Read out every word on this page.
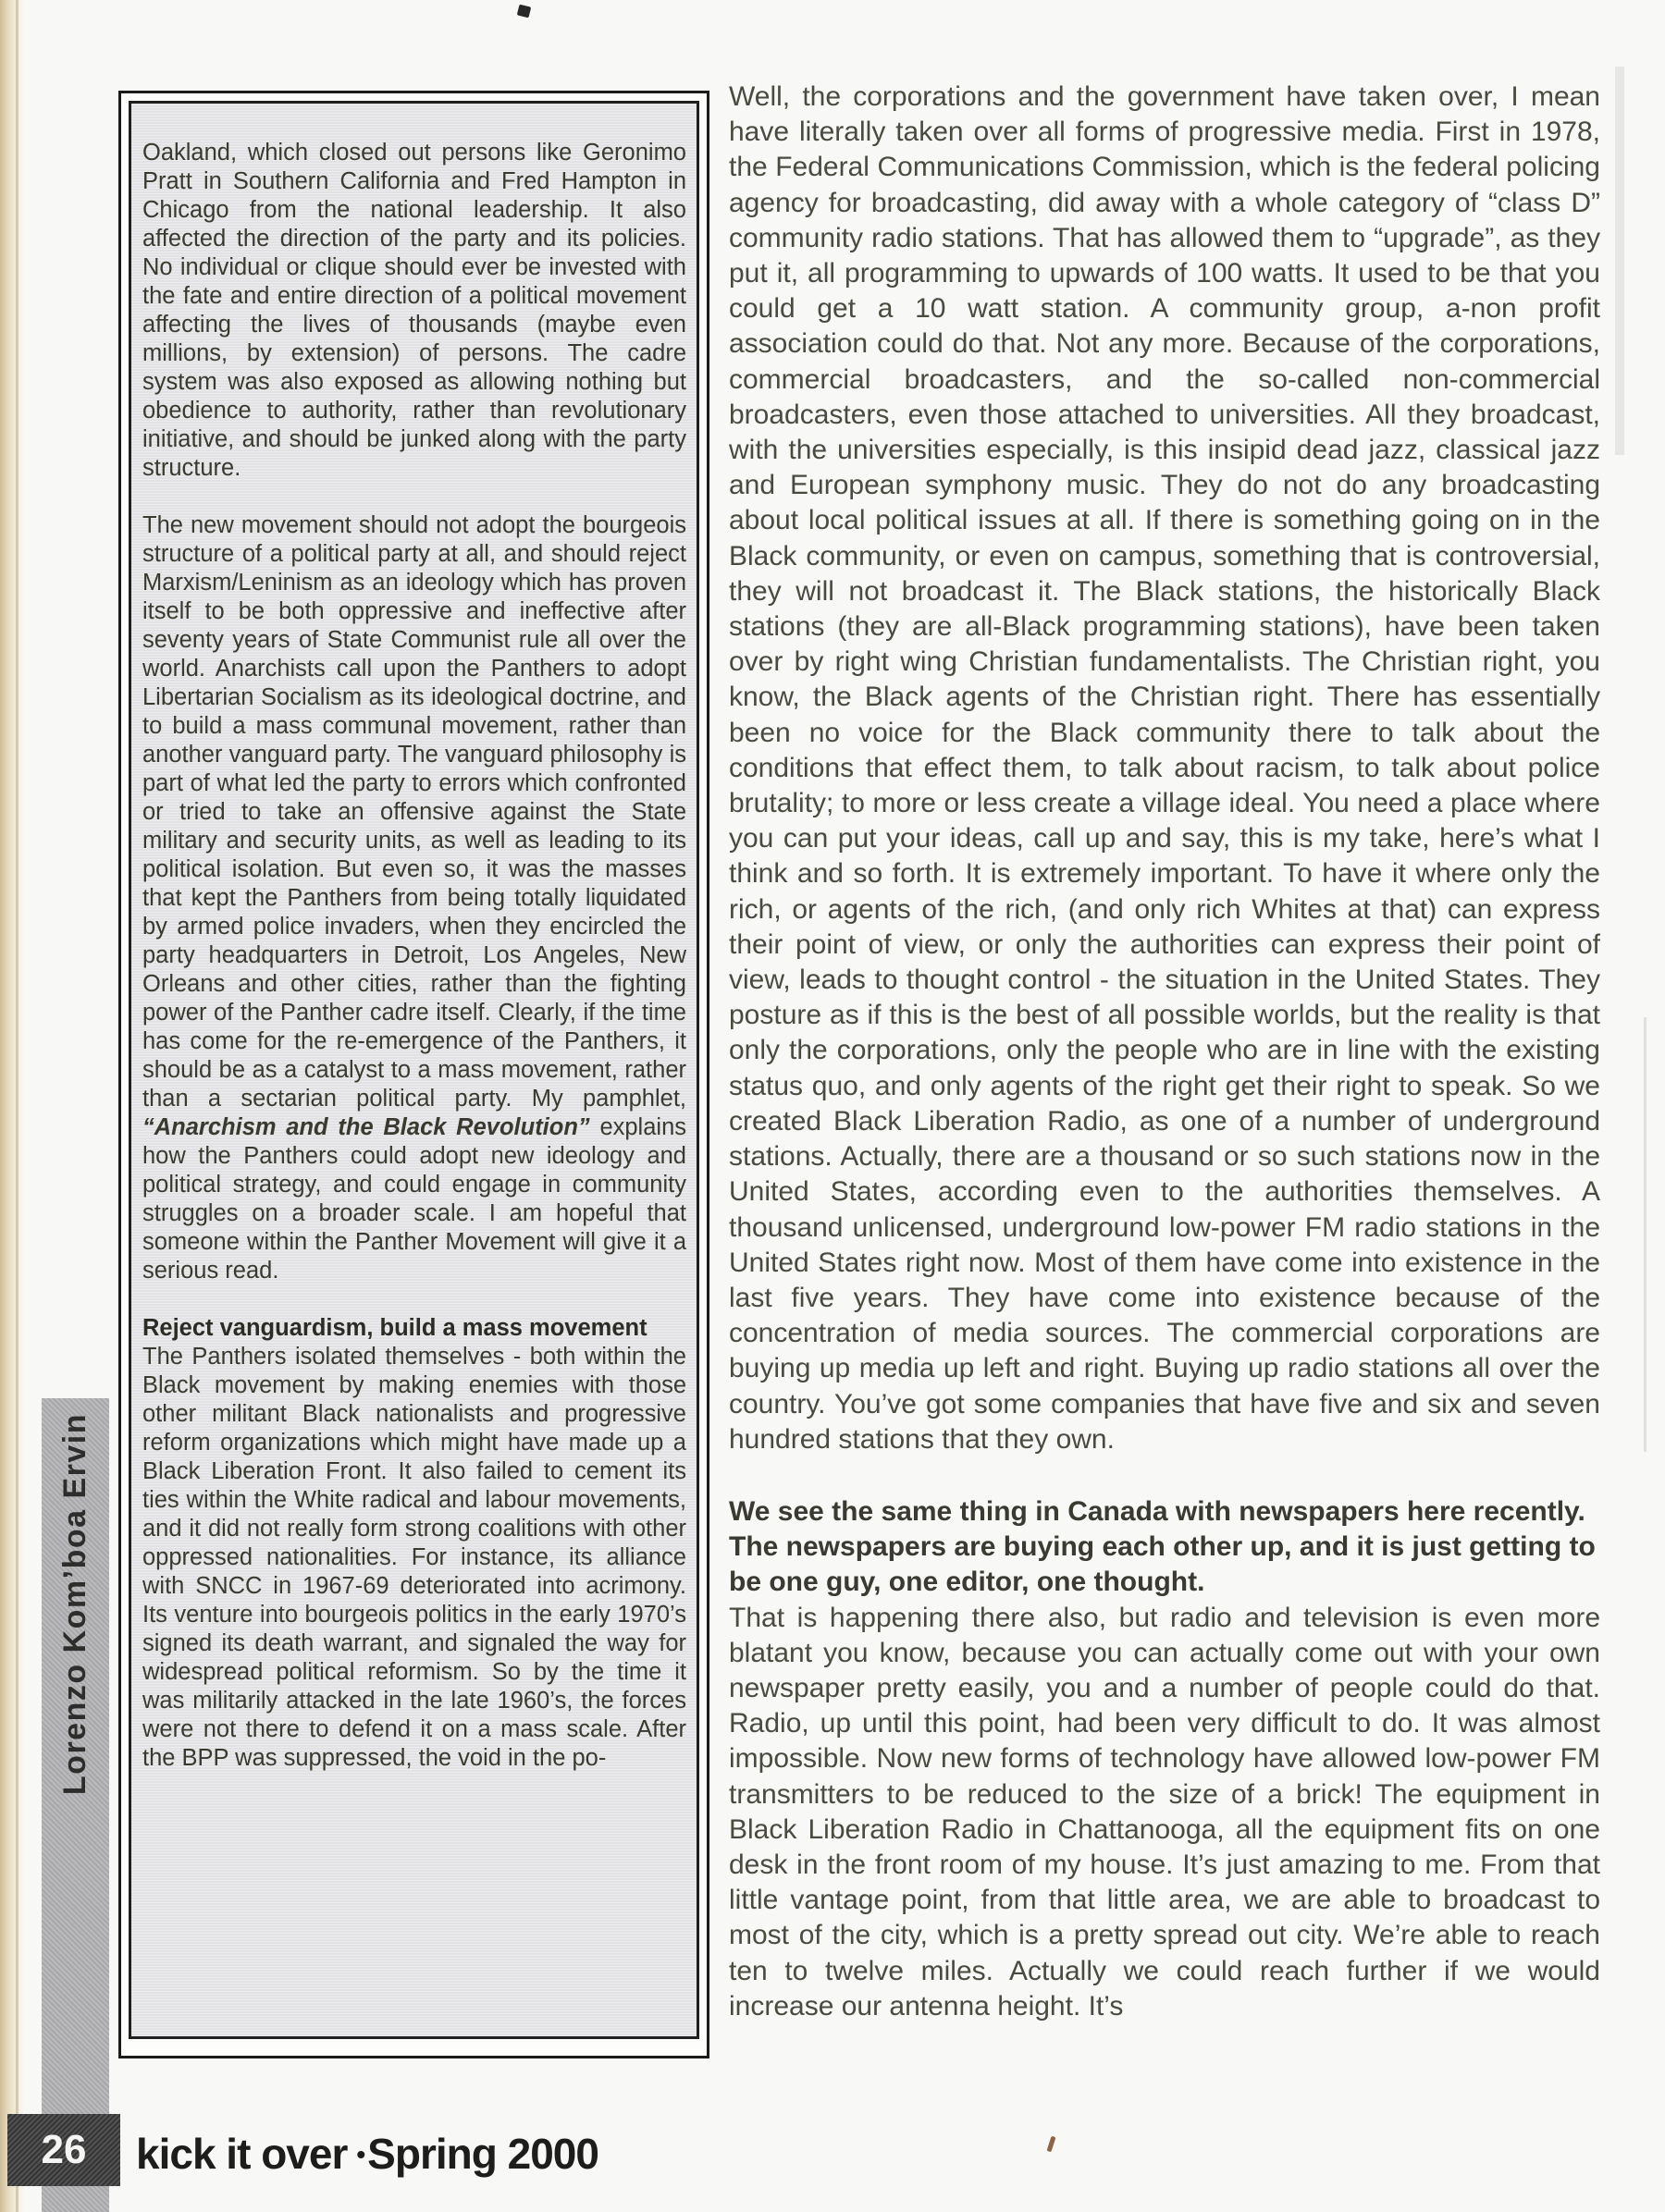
Lorenzo Kom’boa Ervin

Oakland, which closed out persons like Geronimo Pratt in Southern California and Fred Hampton in Chicago from the national leadership. It also affected the direction of the party and its policies. No individual or clique should ever be invested with the fate and entire direction of a political movement affecting the lives of thousands (maybe even millions, by extension) of persons. The cadre system was also exposed as allowing nothing but obedience to authority, rather than revolutionary initiative, and should be junked along with the party structure.

The new movement should not adopt the bourgeois structure of a political party at all, and should reject Marxism/Leninism as an ideology which has proven itself to be both oppressive and ineffective after seventy years of State Communist rule all over the world. Anarchists call upon the Panthers to adopt Libertarian Socialism as its ideological doctrine, and to build a mass communal movement, rather than another vanguard party. The vanguard philosophy is part of what led the party to errors which confronted or tried to take an offensive against the State military and security units, as well as leading to its political isolation. But even so, it was the masses that kept the Panthers from being totally liquidated by armed police invaders, when they encircled the party headquarters in Detroit, Los Angeles, New Orleans and other cities, rather than the fighting power of the Panther cadre itself. Clearly, if the time has come for the re-emergence of the Panthers, it should be as a catalyst to a mass movement, rather than a sectarian political party. My pamphlet, “Anarchism and the Black Revolution” explains how the Panthers could adopt new ideology and political strategy, and could engage in community struggles on a broader scale. I am hopeful that someone within the Panther Movement will give it a serious read.

Reject vanguardism, build a mass movement

The Panthers isolated themselves - both within the Black movement by making enemies with those other militant Black nationalists and progressive reform organizations which might have made up a Black Liberation Front. It also failed to cement its ties within the White radical and labour movements, and it did not really form strong coalitions with other oppressed nationalities. For instance, its alliance with SNCC in 1967-69 deteriorated into acrimony. Its venture into bourgeois politics in the early 1970’s signed its death warrant, and signaled the way for widespread political reformism. So by the time it was militarily attacked in the late 1960’s, the forces were not there to defend it on a mass scale. After the BPP was suppressed, the void in the po-

Well, the corporations and the government have taken over, I mean have literally taken over all forms of progressive media. First in 1978, the Federal Communications Commission, which is the federal policing agency for broadcasting, did away with a whole category of “class D” community radio stations. That has allowed them to “upgrade”, as they put it, all programming to upwards of 100 watts. It used to be that you could get a 10 watt station. A community group, a-non profit association could do that. Not any more. Because of the corporations, commercial broadcasters, and the so-called non-commercial broadcasters, even those attached to universities. All they broadcast, with the universities especially, is this insipid dead jazz, classical jazz and European symphony music. They do not do any broadcasting about local political issues at all. If there is something going on in the Black community, or even on campus, something that is controversial, they will not broadcast it. The Black stations, the historically Black stations (they are all-Black programming stations), have been taken over by right wing Christian fundamentalists. The Christian right, you know, the Black agents of the Christian right. There has essentially been no voice for the Black community there to talk about the conditions that effect them, to talk about racism, to talk about police brutality; to more or less create a village ideal. You need a place where you can put your ideas, call up and say, this is my take, here’s what I think and so forth. It is extremely important. To have it where only the rich, or agents of the rich, (and only rich Whites at that) can express their point of view, or only the authorities can express their point of view, leads to thought control - the situation in the United States. They posture as if this is the best of all possible worlds, but the reality is that only the corporations, only the people who are in line with the existing status quo, and only agents of the right get their right to speak. So we created Black Liberation Radio, as one of a number of underground stations. Actually, there are a thousand or so such stations now in the United States, according even to the authorities themselves. A thousand unlicensed, underground low-power FM radio stations in the United States right now. Most of them have come into existence in the last five years. They have come into existence because of the concentration of media sources. The commercial corporations are buying up media up left and right. Buying up radio stations all over the country. You’ve got some companies that have five and six and seven hundred stations that they own.

We see the same thing in Canada with newspapers here recently. The newspapers are buying each other up, and it is just getting to be one guy, one editor, one thought.

That is happening there also, but radio and television is even more blatant you know, because you can actually come out with your own newspaper pretty easily, you and a number of people could do that. Radio, up until this point, had been very difficult to do. It was almost impossible. Now new forms of technology have allowed low-power FM transmitters to be reduced to the size of a brick! The equipment in Black Liberation Radio in Chattanooga, all the equipment fits on one desk in the front room of my house. It’s just amazing to me. From that little vantage point, from that little area, we are able to broadcast to most of the city, which is a pretty spread out city. We’re able to reach ten to twelve miles. Actually we could reach further if we would increase our antenna height. It’s

26 kick it over •Spring 2000
